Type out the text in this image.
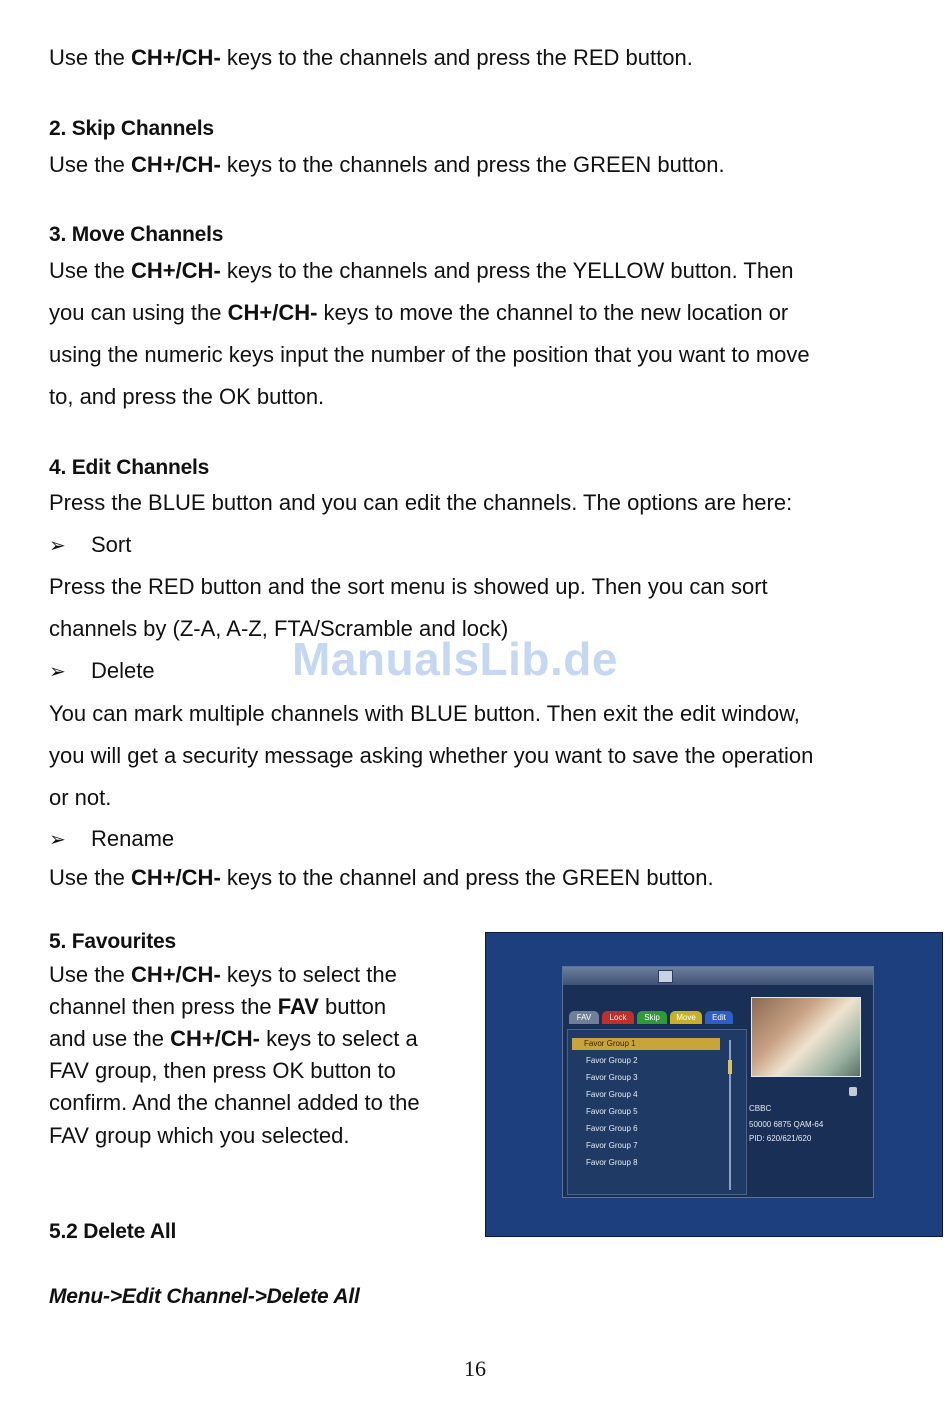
Use the CH+/CH- keys to the channels and press the RED button.

2. Skip Channels

Use the CH+/CH- keys to the channels and press the GREEN button.

3. Move Channels

Use the CH+/CH- keys to the channels and press the YELLOW button. Then

you can using the CH+/CH- keys to move the channel to the new location or

using the numeric keys input the number of the position that you want to move

to, and press the OK button.

4. Edit Channels

Press the BLUE button and you can edit the channels. The options are here:

➢ Sort

Press the RED button and the sort menu is showed up. Then you can sort

channels by (Z-A, A-Z, FTA/Scramble and lock)

➢ Delete

You can mark multiple channels with BLUE button. Then exit the edit window,

you will get a security message asking whether you want to save the operation

or not.

➢ Rename

Use the CH+/CH- keys to the channel and press the GREEN button.

5. Favourites

Use the CH+/CH- keys to select the

channel then press the FAV button

and use the CH+/CH- keys to select a

FAV group, then press OK button to

confirm. And the channel added to the

FAV group which you selected.

5.2 Delete All

Menu->Edit Channel->Delete All

ManualsLib.de
FAV	Lock	Skip	Move	Edit
Favor Group 1
Favor Group 2
Favor Group 3
Favor Group 4
Favor Group 5
Favor Group 6
Favor Group 7
Favor Group 8
CBBC
50000 6875 QAM-64
PID: 620/621/620
16
